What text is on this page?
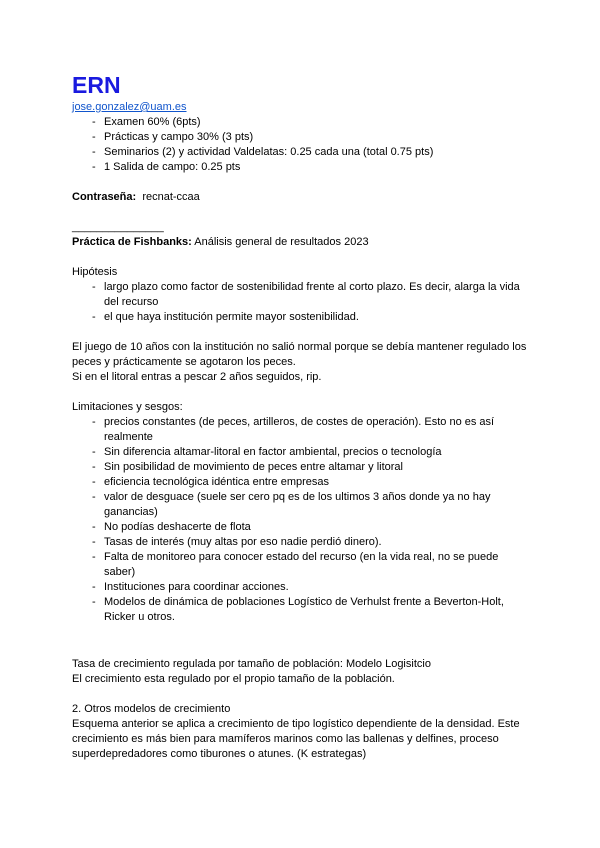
ERN
jose.gonzalez@uam.es
- Examen 60% (6pts)
- Prácticas y campo 30% (3 pts)
- Seminarios (2) y actividad Valdelatas: 0.25 cada una (total 0.75 pts)
- 1 Salida de campo: 0.25 pts

Contraseña: recnat-ccaa

_______________

Práctica de Fishbanks: Análisis general de resultados 2023

Hipótesis

- largo plazo como factor de sostenibilidad frente al corto plazo. Es decir, alarga la vida del recurso
- el que haya institución permite mayor sostenibilidad.

El juego de 10 años con la institución no salió normal porque se debía mantener regulado los peces y prácticamente se agotaron los peces.

Si en el litoral entras a pescar 2 años seguidos, rip.

Limitaciones y sesgos:

- precios constantes (de peces, artilleros, de costes de operación). Esto no es así realmente
- Sin diferencia altamar-litoral en factor ambiental, precios o tecnología
- Sin posibilidad de movimiento de peces entre altamar y litoral
- eficiencia tecnológica idéntica entre empresas
- valor de desguace (suele ser cero pq es de los ultimos 3 años donde ya no hay ganancias)
- No podías deshacerte de flota
- Tasas de interés (muy altas por eso nadie perdió dinero).
- Falta de monitoreo para conocer estado del recurso (en la vida real, no se puede saber)
- Instituciones para coordinar acciones.
- Modelos de dinámica de poblaciones Logístico de Verhulst frente a Beverton-Holt, Ricker u otros.

Tasa de crecimiento regulada por tamaño de población: Modelo Logisitcio

El crecimiento esta regulado por el propio tamaño de la población.

2. Otros modelos de crecimiento

Esquema anterior se aplica a crecimiento de tipo logístico dependiente de la densidad. Este crecimiento es más bien para mamíferos marinos como las ballenas y delfines, proceso superdepredadores como tiburones o atunes. (K estrategas)
